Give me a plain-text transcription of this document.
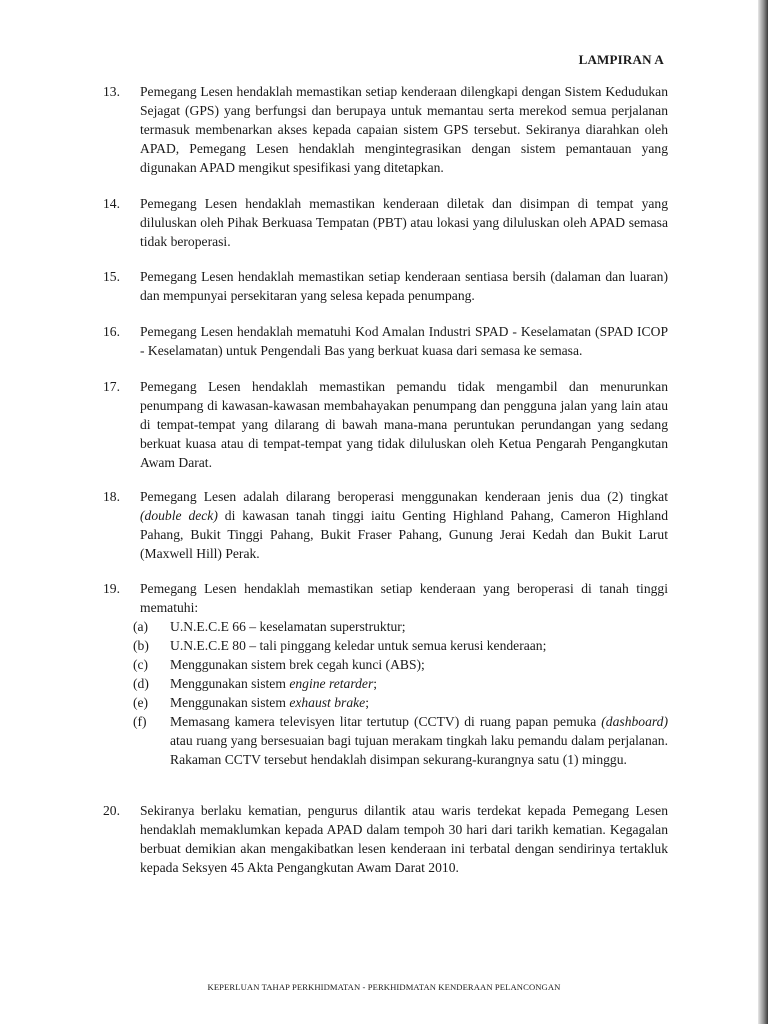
LAMPIRAN A
13. Pemegang Lesen hendaklah memastikan setiap kenderaan dilengkapi dengan Sistem Kedudukan Sejagat (GPS) yang berfungsi dan berupaya untuk memantau serta merekod semua perjalanan termasuk membenarkan akses kepada capaian sistem GPS tersebut. Sekiranya diarahkan oleh APAD, Pemegang Lesen hendaklah mengintegrasikan dengan sistem pemantauan yang digunakan APAD mengikut spesifikasi yang ditetapkan.
14. Pemegang Lesen hendaklah memastikan kenderaan diletak dan disimpan di tempat yang diluluskan oleh Pihak Berkuasa Tempatan (PBT) atau lokasi yang diluluskan oleh APAD semasa tidak beroperasi.
15. Pemegang Lesen hendaklah memastikan setiap kenderaan sentiasa bersih (dalaman dan luaran) dan mempunyai persekitaran yang selesa kepada penumpang.
16. Pemegang Lesen hendaklah mematuhi Kod Amalan Industri SPAD - Keselamatan (SPAD ICOP - Keselamatan) untuk Pengendali Bas yang berkuat kuasa dari semasa ke semasa.
17. Pemegang Lesen hendaklah memastikan pemandu tidak mengambil dan menurunkan penumpang di kawasan-kawasan membahayakan penumpang dan pengguna jalan yang lain atau di tempat-tempat yang dilarang di bawah mana-mana peruntukan perundangan yang sedang berkuat kuasa atau di tempat-tempat yang tidak diluluskan oleh Ketua Pengarah Pengangkutan Awam Darat.
18. Pemegang Lesen adalah dilarang beroperasi menggunakan kenderaan jenis dua (2) tingkat (double deck) di kawasan tanah tinggi iaitu Genting Highland Pahang, Cameron Highland Pahang, Bukit Tinggi Pahang, Bukit Fraser Pahang, Gunung Jerai Kedah dan Bukit Larut (Maxwell Hill) Perak.
19. Pemegang Lesen hendaklah memastikan setiap kenderaan yang beroperasi di tanah tinggi mematuhi:
(a) U.N.E.C.E 66 – keselamatan superstruktur;
(b) U.N.E.C.E 80 – tali pinggang keledar untuk semua kerusi kenderaan;
(c) Menggunakan sistem brek cegah kunci (ABS);
(d) Menggunakan sistem engine retarder;
(e) Menggunakan sistem exhaust brake;
(f) Memasang kamera televisyen litar tertutup (CCTV) di ruang papan pemuka (dashboard) atau ruang yang bersesuaian bagi tujuan merakam tingkah laku pemandu dalam perjalanan. Rakaman CCTV tersebut hendaklah disimpan sekurang-kurangnya satu (1) minggu.
20. Sekiranya berlaku kematian, pengurus dilantik atau waris terdekat kepada Pemegang Lesen hendaklah memaklumkan kepada APAD dalam tempoh 30 hari dari tarikh kematian. Kegagalan berbuat demikian akan mengakibatkan lesen kenderaan ini terbatal dengan sendirinya tertakluk kepada Seksyen 45 Akta Pengangkutan Awam Darat 2010.
KEPERLUAN TAHAP PERKHIDMATAN - PERKHIDMATAN KENDERAAN PELANCONGAN
